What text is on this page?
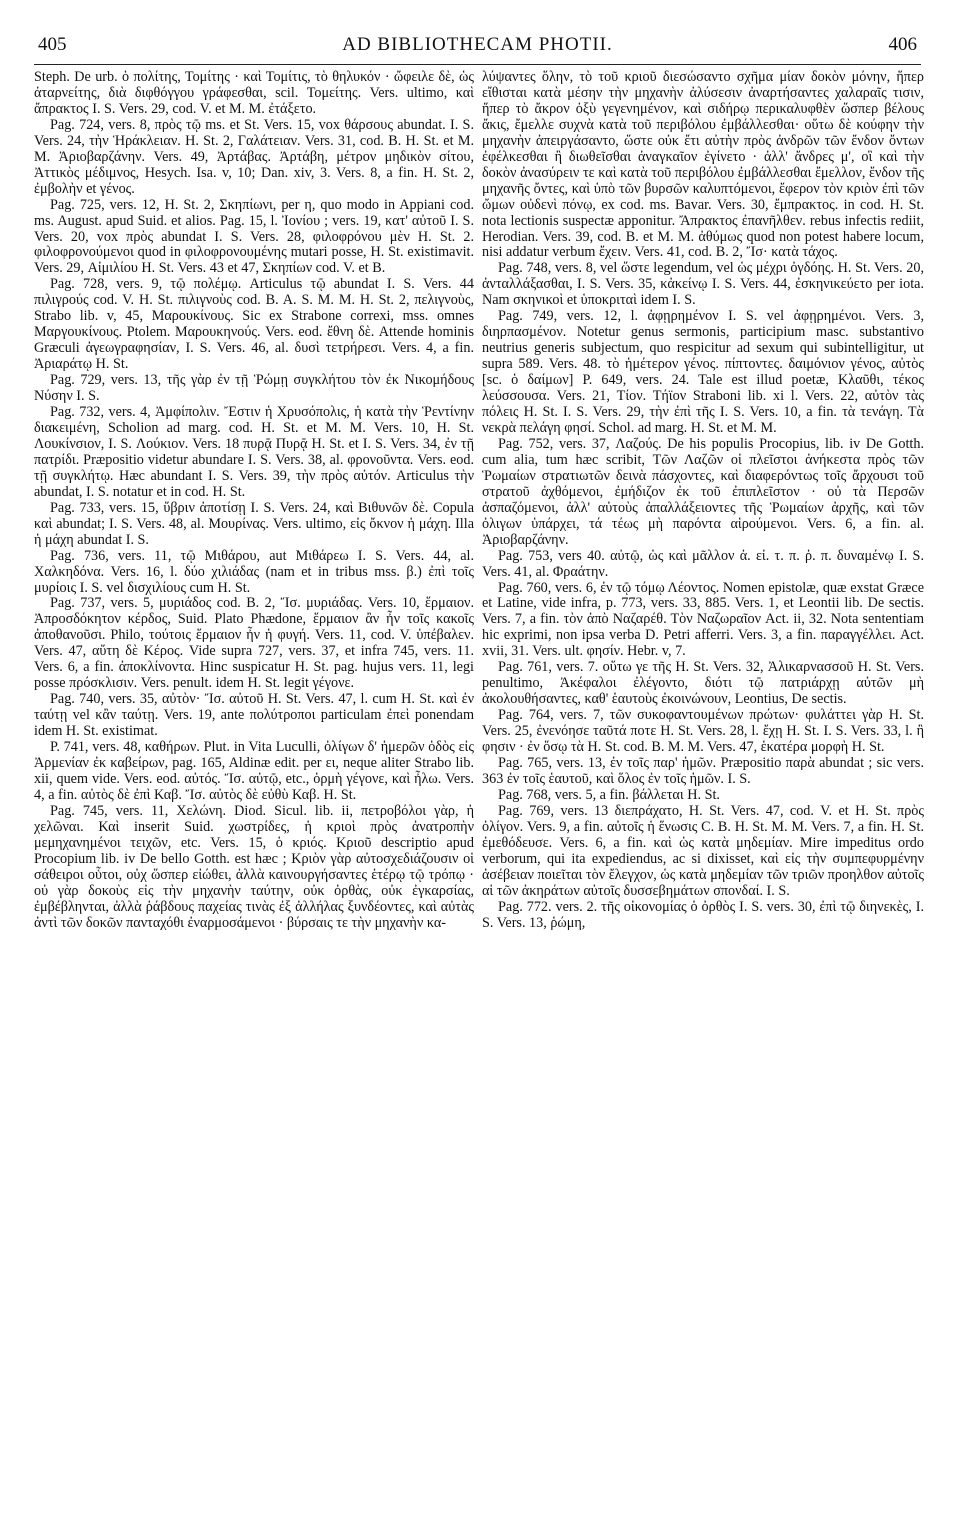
405	AD BIBLIOTHECAM PHOTII.	406

Steph. De urb. ὁ πολίτης, Τομίτης · καὶ Τομίτις, τὸ θηλυκόν · ὤφειλε δὲ, ὡς ἀταρνείτης, διὰ διφθόγγου γράφεσθαι, scil. Τομείτης. Vers. ultimo, καὶ ἄπρακτος I. S. Vers. 29, cod. V. et M. M. ἐτάξετο.

Pag. 724, vers. 8, πρὸς τῷ ms. et St. Vers. 15, vox θάρσους abundat. I. S. Vers. 24, τὴν Ἡράκλειαν. H. St. 2, Γαλάτειαν. Vers. 31, cod. B. H. St. et M. M. Ἀριοβαρζάνην. Vers. 49, Ἀρτάβας. Ἀρτάβη, μέτρον μηδικὸν σίτου, Ἀττικὸς μέδιμνος, Hesych. Isa. v, 10; Dan. xiv, 3. Vers. 8, a fin. H. St. 2, ἐμβολὴν et γένος.

Pag. 725, vers. 12, H. St. 2, Σκηπίωνι, per η, quo modo in Appiani cod. ms. August. apud Suid. et alios. Pag. 15, l. Ἰονίου ; vers. 19, κατ' αὐτοῦ I. S. Vers. 20, vox πρὸς abundat I. S. Vers. 28, φιλοφρόνου μὲν H. St. 2. φιλοφρονούμενοι quod in φιλοφρονουμένης mutari posse, H. St. existimavit. Vers. 29, Αἰμιλίου H. St. Vers. 43 et 47, Σκηπίων cod. V. et B.

Pag. 728, vers. 9, τῷ πολέμῳ. Articulus τῷ abundat I. S. Vers. 44 πιλιγρούς cod. V. H. St. πιλιγνοὺς cod. B. A. S. M. M. H. St. 2, πελιγνοὺς, Strabo lib. v, 45, Μαρουκίνους. Sic ex Strabone correxi, mss. omnes Μαργουκίνους. Ptolem. Μαρουκηνούς. Vers. eod. ἔθνη δὲ. Attende hominis Græculi ἀγεωγραφησίαν, I. S. Vers. 46, al. δυσὶ τετρήρεσι. Vers. 4, a fin. Ἀριαράτῳ H. St.

Pag. 729, vers. 13, τῆς γὰρ ἐν τῇ Ῥώμῃ συγκλήτου τὸν ἐκ Νικομήδους Νύσην I. S.

Pag. 732, vers. 4, Ἀμφίπολιν. Ἔστιν ἡ Χρυσόπολις, ἡ κατὰ τὴν Ῥεντίνην διακειμένη, Scholion ad marg. cod. H. St. et M. M. Vers. 10, H. St. Λουκίνσιον, I. S. Λούκιον. Vers. 18 πυρᾷ Πυρᾷ H. St. et I. S. Vers. 34, ἐν τῇ πατρίδι. Præpositio videtur abundare I. S. Vers. 38, al. φρονοῦντα. Vers. eod. τῇ συγκλήτῳ. Hæc abundant I. S. Vers. 39, τὴν πρὸς αὐτόν. Articulus τὴν abundat, I. S. notatur et in cod. H. St.

Pag. 733, vers. 15, ὕβριν ἀποτίσῃ I. S. Vers. 24, καὶ Βιθυνῶν δὲ. Copula καὶ abundat; I. S. Vers. 48, al. Μουρίνας. Vers. ultimo, εἰς ὄκνον ἡ μάχη. Illa ἡ μάχη abundat I. S.

Pag. 736, vers. 11, τῷ Μιθάρου, aut Μιθάρεω I. S. Vers. 44, al. Χαλκηδόνα. Vers. 16, l. δύο χιλιάδας (nam et in tribus mss. β.) ἐπὶ τοῖς μυρίοις I. S. vel δισχιλίους cum H. St.

Pag. 737, vers. 5, μυριάδος cod. B. 2, Ἴσ. μυριάδας. Vers. 10, ἕρμαιον. Ἀπροσδόκητον κέρδος, Suid. Plato Phædone, ἕρμαιον ἂν ἦν τοῖς κακοῖς ἀποθανοῦσι. Philo, τούτοις ἕρμαιον ἦν ἡ φυγή. Vers. 11, cod. V. ὑπέβαλεν. Vers. 47, αὕτη δὲ Κέρος. Vide supra 727, vers. 37, et infra 745, vers. 11. Vers. 6, a fin. ἀποκλίνοντα. Hinc suspicatur H. St. pag. hujus vers. 11, legi posse πρόσκλισιν. Vers. penult. idem H. St. legit γέγονε.

Pag. 740, vers. 35, αὐτὸν· Ἴσ. αὐτοῦ H. St. Vers. 47, l. cum H. St. καὶ ἐν ταύτῃ vel κἂν ταύτῃ. Vers. 19, ante πολύτροποι particulam ἐπεὶ ponendam idem H. St. existimat.

P. 741, vers. 48, καθήρων. Plut. in Vita Luculli, ὀλίγων δ' ἡμερῶν ὁδὸς εἰς Ἀρμενίαν ἐκ καβείρων, pag. 165, Aldinæ edit. per ει, neque aliter Strabo lib. xii, quem vide. Vers. eod. αὐτός. Ἴσ. αὐτῷ, etc., ὁρμὴ γέγονε, καὶ ἦλω. Vers. 4, a fin. αὐτὸς δὲ ἐπὶ Καβ. Ἴσ. αὐτὸς δὲ εὐθὺ Καβ. H. St.

Pag. 745, vers. 11, Χελώνη. Diod. Sicul. lib. ii, πετροβόλοι γὰρ, ἡ χελῶναι. Καὶ inserit Suid. χωστρίδες, ἡ κριοὶ πρὸς ἀνατροπὴν μεμηχανημένοι τειχῶν, etc. Vers. 15, ὁ κριός. Κριοῦ descriptio apud Procopium lib. iv De bello Gotth. est hæc ; Κριὸν γὰρ αὐτοσχεδιάζουσιν οἱ σάθειροι οὗτοι, οὐχ ὥσπερ εἰώθει, ἀλλὰ καινουργήσαντες ἑτέρῳ τῷ τρόπῳ · οὐ γὰρ δοκοὺς εἰς τὴν μηχανὴν ταύτην, οὐκ ὀρθὰς, οὐκ ἐγκαρσίας, ἐμβέβληνται, ἀλλὰ ῥάβδους παχείας τινὰς ἐξ ἀλλήλας ξυνδέοντες, καὶ αὐτὰς ἀντὶ τῶν δοκῶν πανταχόθι ἐναρμοσάμενοι · βύρσαις τε τὴν μηχανὴν κα-

λύψαντες ὅλην, τὸ τοῦ κριοῦ διεσώσαντο σχῆμα μίαν δοκὸν μόνην, ἥπερ εἴθισται κατὰ μέσην τὴν μηχανὴν ἀλύσεσιν ἀναρτήσαντες χαλαραῖς τισιν, ἥπερ τὸ ἄκρον ὀξὺ γεγενημένον, καὶ σιδήρῳ περικαλυφθὲν ὥσπερ βέλους ἄκις, ἔμελλε συχνὰ κατὰ τοῦ περιβόλου ἐμβάλλεσθαι· οὕτω δὲ κούφην τὴν μηχανὴν ἀπειργάσαντο, ὥστε οὐκ ἔτι αὐτὴν πρὸς ἀνδρῶν τῶν ἔνδον ὄντων ἐφέλκεσθαι ἢ διωθεῖσθαι ἀναγκαῖον ἐγίνετο · ἀλλ' ἄνδρες μ', οἳ καὶ τὴν δοκὸν ἀνασύρειν τε καὶ κατὰ τοῦ περιβόλου ἐμβάλλεσθαι ἔμελλον, ἔνδον τῆς μηχανῆς ὄντες, καὶ ὑπὸ τῶν βυρσῶν καλυπτόμενοι, ἔφερον τὸν κριὸν ἐπὶ τῶν ὤμων οὐδενὶ πόνῳ, ex cod. ms. Bavar. Vers. 30, ἔμπρακτος. in cod. H. St. nota lectionis suspectæ apponitur. Ἄπρακτος ἐπανῆλθεν. rebus infectis rediit, Herodian. Vers. 39, cod. B. et M. M. ἀθύμως quod non potest habere locum, nisi addatur verbum ἔχειν. Vers. 41, cod. B. 2, Ἴσ· κατὰ τάχος.

Pag. 748, vers. 8, vel ὥστε legendum, vel ὡς μέχρι ὀγδόης. H. St. Vers. 20, ἀνταλλάξασθαι, I. S. Vers. 35, κἀκείνῳ I. S. Vers. 44, ἐσκηνικεύετο per iota. Nam σκηνικοὶ et ὑποκριταὶ idem I. S.

Pag. 749, vers. 12, l. ἀφῃρημένον I. S. vel ἀφῃρημένοι. Vers. 3, διηρπασμένον. Notetur genus sermonis, participium masc. substantivo neutrius generis subjectum, quo respicitur ad sexum qui subintelligitur, ut supra 589. Vers. 48. τὸ ἡμέτερον γένος. πίπτοντες. δαιμόνιον γένος, αὐτὸς [sc. ὁ δαίμων] P. 649, vers. 24. Tale est illud poetæ, Κλαῦθι, τέκος λεύσσουσα. Vers. 21, Τίον. Τήϊον Straboni lib. xi l. Vers. 22, αὐτὸν τὰς πόλεις H. St. I. S. Vers. 29, τὴν ἐπὶ τῆς I. S. Vers. 10, a fin. τὰ τενάγη. Τὰ νεκρὰ πελάγη φησί. Schol. ad marg. H. St. et M. M.

Pag. 752, vers. 37, Λαζούς. De his populis Procopius, lib. iv De Gotth. cum alia, tum hæc scribit, Τῶν Λαζῶν οἱ πλεῖστοι ἀνήκεστα πρὸς τῶν Ῥωμαίων στρατιωτῶν δεινὰ πάσχοντες, καὶ διαφερόντως τοῖς ἄρχουσι τοῦ στρατοῦ ἀχθόμενοι, ἐμήδιζον ἐκ τοῦ ἐπιπλεῖστον · οὐ τὰ Περσῶν ἀσπαζόμενοι, ἀλλ' αὐτοὺς ἀπαλλάξειοντες τῆς Ῥωμαίων ἀρχῆς, καὶ τῶν ὀλιγων ὑπάρχει, τά τέως μὴ παρόντα αἱρούμενοι. Vers. 6, a fin. al. Ἀριοβαρζάνην.

Pag. 753, vers 40. αὐτῷ, ὡς καὶ μᾶλλον ἀ. εἰ. τ. π. ῥ. π. δυναμένῳ I. S. Vers. 41, al. Φραάτην.

Pag. 760, vers. 6, ἐν τῷ τόμῳ Λέοντος. Nomen epistolæ, quæ exstat Græce et Latine, vide infra, p. 773, vers. 33, 885. Vers. 1, et Leontii lib. De sectis. Vers. 7, a fin. τὸν ἀπὸ Ναζαρέθ. Τὸν Ναζωραῖον Act. ii, 32. Nota sententiam hic exprimi, non ipsa verba D. Petri afferri. Vers. 3, a fin. παραγγέλλει. Act. xvii, 31. Vers. ult. φησίν. Hebr. v, 7.

Pag. 761, vers. 7. οὕτω γε τῆς H. St. Vers. 32, Ἀλικαρνασσοῦ H. St. Vers. penultimo, Ἀκέφαλοι ἐλέγοντο, διότι τῷ πατριάρχῃ αὐτῶν μὴ ἀκολουθήσαντες, καθ' ἑαυτοὺς ἐκοινώνουν, Leontius, De sectis.

Pag. 764, vers. 7, τῶν συκοφαντουμένων πρώτων· φυλάττει γὰρ H. St. Vers. 25, ἐνενόησε ταῦτά ποτε H. St. Vers. 28, l. ἔχῃ H. St. I. S. Vers. 33, l. ἢ φησιν · ἐν ὅσῳ τὰ H. St. cod. B. M. M. Vers. 47, ἑκατέρα μορφὴ H. St.

Pag. 765, vers. 13, ἐν τοῖς παρ' ἡμῶν. Præpositio παρὰ abundat ; sic vers. 363 ἐν τοῖς ἑαυτοῦ, καὶ ὅλος ἐν τοῖς ἡμῶν. I. S.

Pag. 768, vers. 5, a fin. βάλλεται H. St.

Pag. 769, vers. 13 διεπράχατο, H. St. Vers. 47, cod. V. et H. St. πρὸς ὀλίγον. Vers. 9, a fin. αὐτοῖς ἡ ἕνωσις C. B. H. St. M. M. Vers. 7, a fin. H. St. ἐμεθόδευσε. Vers. 6, a fin. καὶ ὡς κατὰ μηδεμίαν. Mire impeditus ordo verborum, qui ita expediendus, ac si dixisset, καὶ εἰς τὴν συμπεφυρμένην ἀσέβειαν ποιεῖται τὸν ἔλεγχον, ὡς κατὰ μηδεμίαν τῶν τριῶν προηλθον αὐτοῖς αἱ τῶν ἀκηράτων αὐτοῖς δυσσεβημάτων σπονδαί. I. S.

Pag. 772. vers. 2. τῆς οἰκονομίας ὁ ὀρθὸς I. S. vers. 30, ἐπὶ τῷ διηνεκὲς, I. S. Vers. 13, ῥώμη,
